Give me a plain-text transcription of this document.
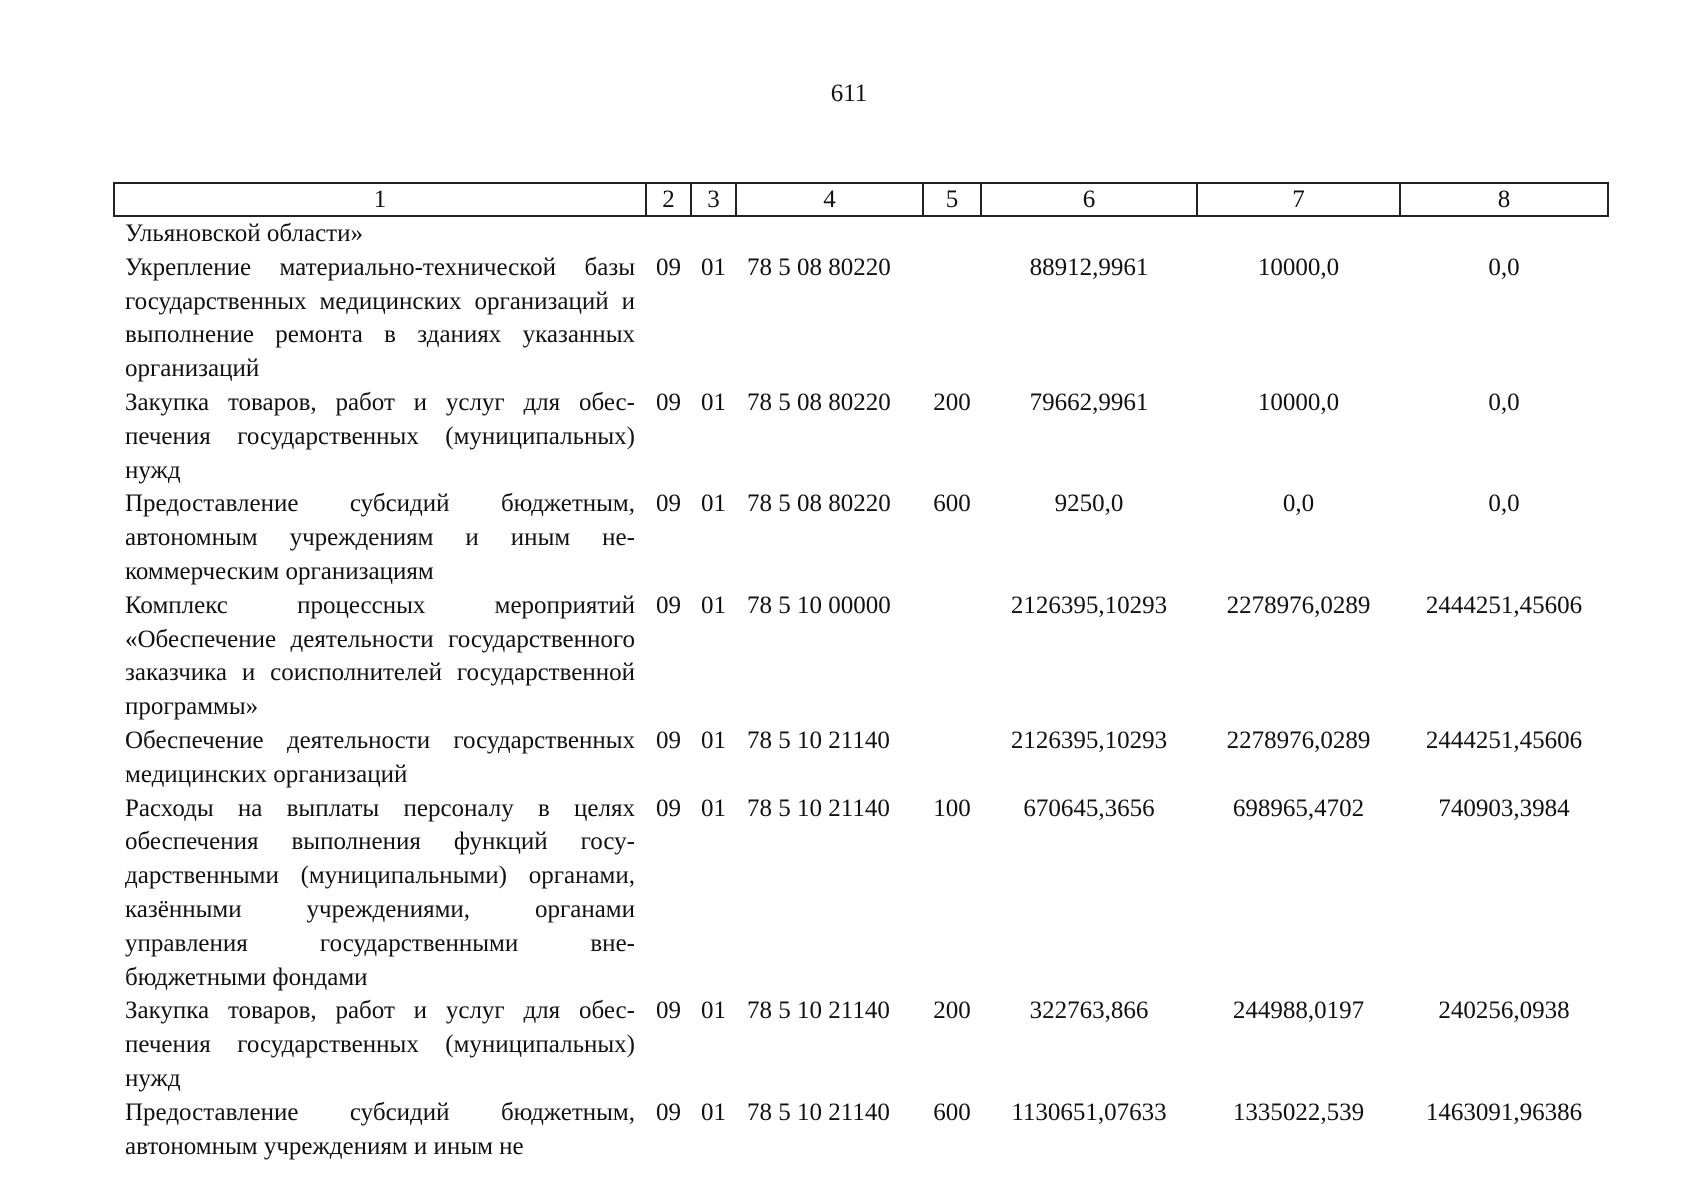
611
1	2	3	4	5	6	7	8
Ульяновской области»							
Укрепление материально-технической базы государственных медицинских организаций и выполнение ремонта в зданиях указанных организаций	09	01	78 5 08 80220		88912,9961	10000,0	0,0
Закупка товаров, работ и услуг для обеспечения государственных (муниципальных) нужд	09	01	78 5 08 80220	200	79662,9961	10000,0	0,0
Предоставление субсидий бюджетным, автономным учреждениям и иным некоммерческим организациям	09	01	78 5 08 80220	600	9250,0	0,0	0,0
Комплекс процессных мероприятий «Обеспечение деятельности государственного заказчика и соисполнителей государственной программы»	09	01	78 5 10 00000		2126395,10293	2278976,0289	2444251,45606
Обеспечение деятельности государственных медицинских организаций	09	01	78 5 10 21140		2126395,10293	2278976,0289	2444251,45606
Расходы на выплаты персоналу в целях обеспечения выполнения функций государственными (муниципальными) органами, казёнными учреждениями, органами управления государственными внебюджетными фондами	09	01	78 5 10 21140	100	670645,3656	698965,4702	740903,3984
Закупка товаров, работ и услуг для обеспечения государственных (муниципальных) нужд	09	01	78 5 10 21140	200	322763,866	244988,0197	240256,0938
Предоставление субсидий бюджетным, автономным учреждениям и иным не	09	01	78 5 10 21140	600	1130651,07633	1335022,539	1463091,96386
